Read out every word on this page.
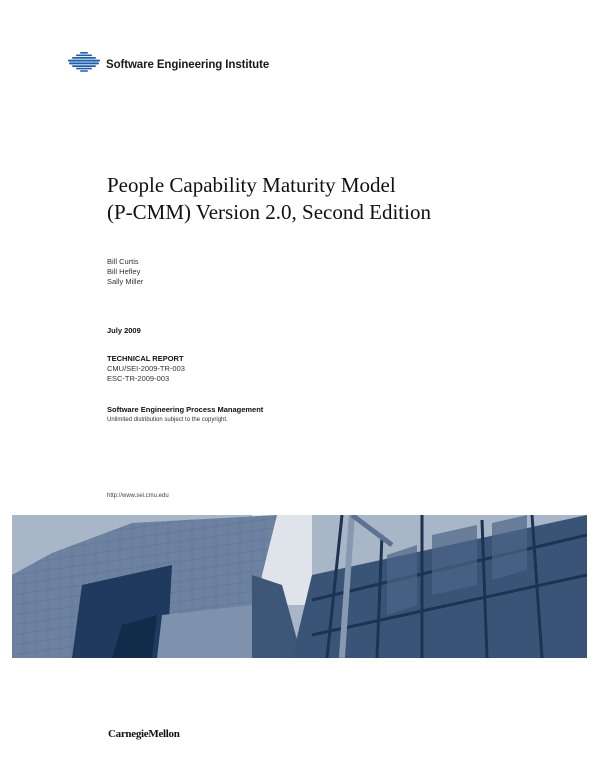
Software Engineering Institute
People Capability Maturity Model
(P-CMM) Version 2.0, Second Edition
Bill Curtis
Bill Hefley
Sally Miller
July 2009
TECHNICAL REPORT
CMU/SEI-2009-TR-003
ESC-TR-2009-003
Software Engineering Process Management
Unlimited distribution subject to the copyright.
http://www.sei.cmu.edu
CarnegieMellon
